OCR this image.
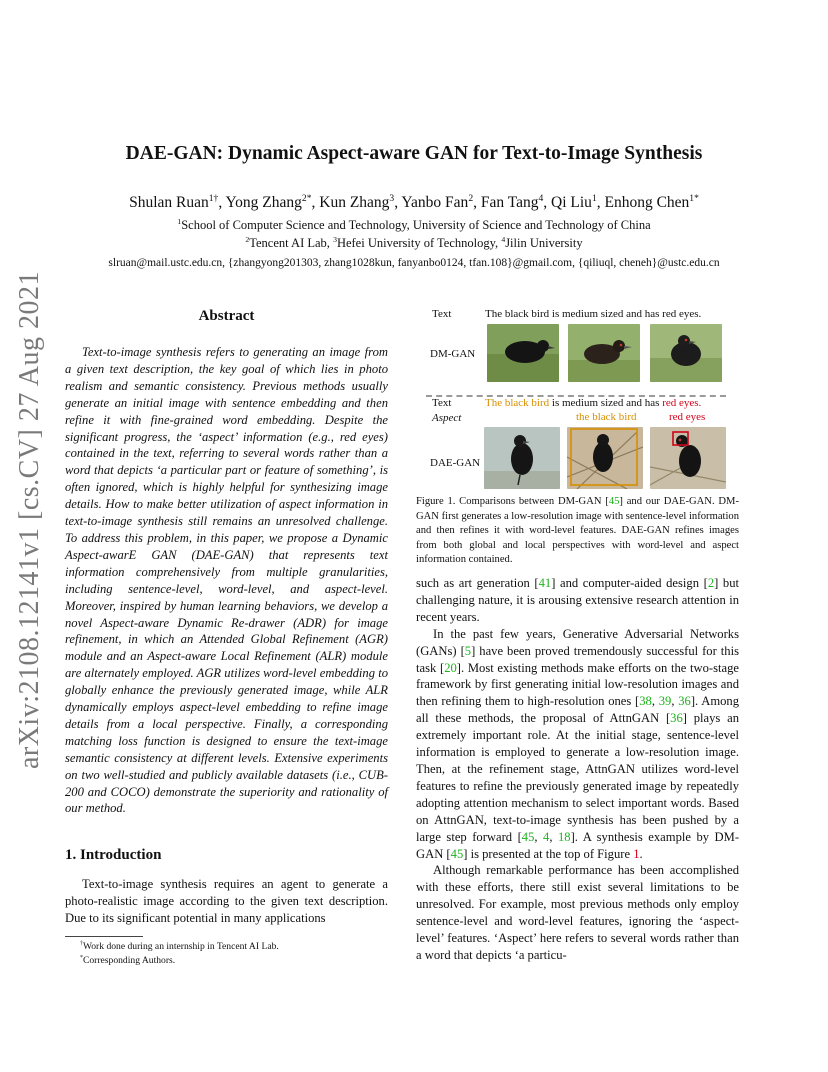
arXiv:2108.12141v1 [cs.CV] 27 Aug 2021
DAE-GAN: Dynamic Aspect-aware GAN for Text-to-Image Synthesis
Shulan Ruan$^{1\dagger}$, Yong Zhang$^{2*}$, Kun Zhang$^3$, Yanbo Fan$^2$, Fan Tang$^4$, Qi Liu$^1$, Enhong Chen$^{1*}$
$^1$School of Computer Science and Technology, University of Science and Technology of China
$^2$Tencent AI Lab, $^3$Hefei University of Technology, $^4$Jilin University
slruan@mail.ustc.edu.cn, {zhangyong201303, zhang1028kun, fanyanbo0124, tfan.108}@gmail.com, {qiliuql, cheneh}@ustc.edu.cn
Abstract

Text-to-image synthesis refers to generating an image from a given text description, the key goal of which lies in photo realism and semantic consistency. Previous methods usually generate an initial image with sentence embedding and then refine it with fine-grained word embedding. Despite the significant progress, the ‘aspect’ information (e.g., red eyes) contained in the text, referring to several words rather than a word that depicts ‘a particular part or feature of something’, is often ignored, which is highly helpful for synthesizing image details. How to make better utilization of aspect information in text-to-image synthesis still remains an unresolved challenge. To address this problem, in this paper, we propose a Dynamic Aspect-awarE GAN (DAE-GAN) that represents text information comprehensively from multiple granularities, including sentence-level, word-level, and aspect-level. Moreover, inspired by human learning behaviors, we develop a novel Aspect-aware Dynamic Re-drawer (ADR) for image refinement, in which an Attended Global Refinement (AGR) module and an Aspect-aware Local Refinement (ALR) module are alternately employed. AGR utilizes word-level embedding to globally enhance the previously generated image, while ALR dynamically employs aspect-level embedding to refine image details from a local perspective. Finally, a corresponding matching loss function is designed to ensure the text-image semantic consistency at different levels. Extensive experiments on two well-studied and publicly available datasets (i.e., CUB-200 and COCO) demonstrate the superiority and rationality of our method.

1. Introduction

Text-to-image synthesis requires an agent to generate a photo-realistic image according to the given text description. Due to its significant potential in many applications

†Work done during an internship in Tencent AI Lab.
*Corresponding Authors.
Text	The black bird is medium sized and has red eyes.
DM-GAN
Text	The black bird is medium sized and has red eyes.
Aspect	the black bird	red eyes
DAE-GAN
Figure 1. Comparisons between DM-GAN [45] and our DAE-GAN. DM-GAN first generates a low-resolution image with sentence-level information and then refines it with word-level features. DAE-GAN refines images from both global and local perspectives with word-level and aspect information contained.

such as art generation [41] and computer-aided design [2] but challenging nature, it is arousing extensive research attention in recent years.

In the past few years, Generative Adversarial Networks (GANs) [5] have been proved tremendously successful for this task [20]. Most existing methods make efforts on the two-stage framework by first generating initial low-resolution images and then refining them to high-resolution ones [38, 39, 36]. Among all these methods, the proposal of AttnGAN [36] plays an extremely important role. At the initial stage, sentence-level information is employed to generate a low-resolution image. Then, at the refinement stage, AttnGAN utilizes word-level features to refine the previously generated image by repeatedly adopting attention mechanism to select important words. Based on AttnGAN, text-to-image synthesis has been pushed by a large step forward [45, 4, 18]. A synthesis example by DM-GAN [45] is presented at the top of Figure 1.

Although remarkable performance has been accomplished with these efforts, there still exist several limitations to be unresolved. For example, most previous methods only employ sentence-level and word-level features, ignoring the ‘aspect-level’ features. ‘Aspect’ here refers to several words rather than a word that depicts ‘a particu-
